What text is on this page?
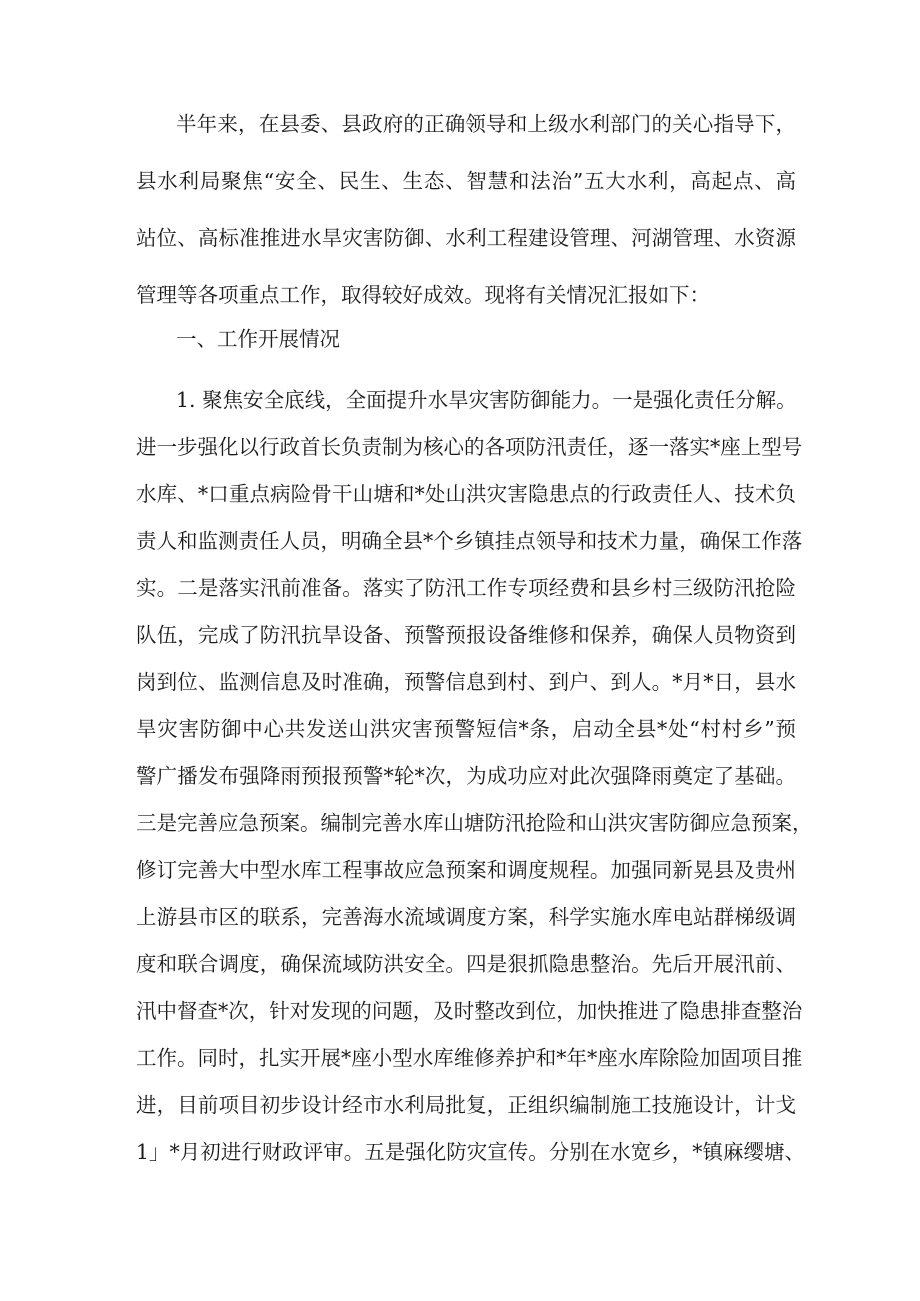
半年来，在县委、县政府的正确领导和上级水利部门的关心指导下，
县水利局聚焦“安全、民生、生态、智慧和法治”五大水利，高起点、高
站位、高标准推进水旱灾害防御、水利工程建设管理、河湖管理、水资源
管理等各项重点工作，取得较好成效。现将有关情况汇报如下：
一、工作开展情况
1. 聚焦安全底线，全面提升水旱灾害防御能力。一是强化责任分解。
进一步强化以行政首长负责制为核心的各项防汛责任，逐一落实*座上型号
水库、*口重点病险骨干山塘和*处山洪灾害隐患点的行政责任人、技术负
责人和监测责任人员，明确全县*个乡镇挂点领导和技术力量，确保工作落
实。二是落实汛前准备。落实了防汛工作专项经费和县乡村三级防汛抢险
队伍，完成了防汛抗旱设备、预警预报设备维修和保养，确保人员物资到
岗到位、监测信息及时准确，预警信息到村、到户、到人。*月*日，县水
旱灾害防御中心共发送山洪灾害预警短信*条，启动全县*处“村村乡”预
警广播发布强降雨预报预警*轮*次，为成功应对此次强降雨奠定了基础。
三是完善应急预案。编制完善水库山塘防汛抢险和山洪灾害防御应急预案，
修订完善大中型水库工程事故应急预案和调度规程。加强同新晃县及贵州
上游县市区的联系，完善海水流域调度方案，科学实施水库电站群梯级调
度和联合调度，确保流域防洪安全。四是狠抓隐患整治。先后开展汛前、
汛中督查*次，针对发现的问题，及时整改到位，加快推进了隐患排查整治
工作。同时，扎实开展*座小型水库维修养护和*年*座水库除险加固项目推
进，目前项目初步设计经市水利局批复，正组织编制施工技施设计，计戈
1」*月初进行财政评审。五是强化防灾宣传。分别在水宽乡，*镇麻缨塘、
